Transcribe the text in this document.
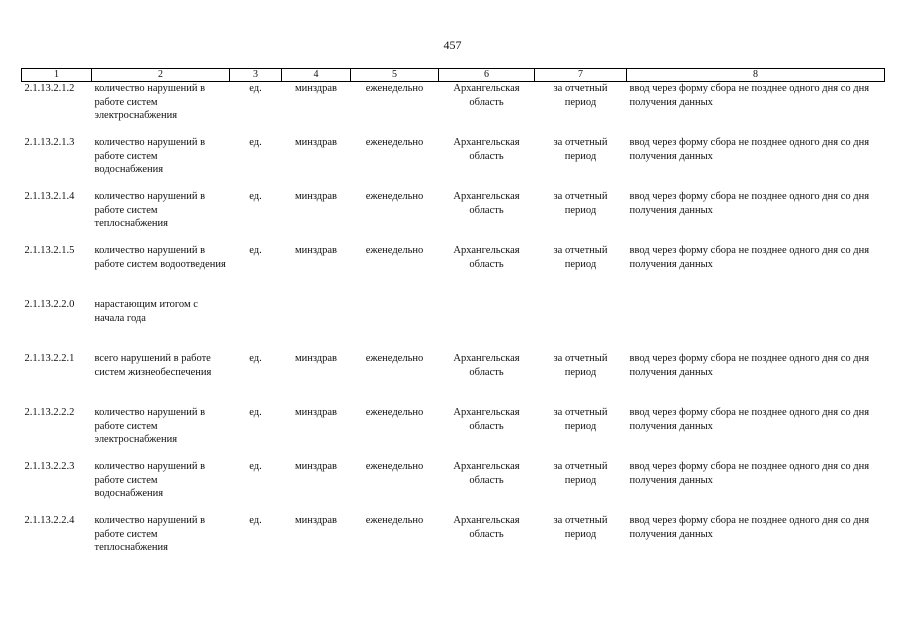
457
1	2	3	4	5	6	7	8
2.1.13.2.1.2	количество нарушений в работе систем электроснабжения	ед.	минздрав	еженедельно	Архангельская область	за отчетный период	ввод через форму сбора не позднее одного дня со дня получения данных
2.1.13.2.1.3	количество нарушений в работе систем водоснабжения	ед.	минздрав	еженедельно	Архангельская область	за отчетный период	ввод через форму сбора не позднее одного дня со дня получения данных
2.1.13.2.1.4	количество нарушений в работе систем теплоснабжения	ед.	минздрав	еженедельно	Архангельская область	за отчетный период	ввод через форму сбора не позднее одного дня со дня получения данных
2.1.13.2.1.5	количество нарушений в работе систем водоотведения	ед.	минздрав	еженедельно	Архангельская область	за отчетный период	ввод через форму сбора не позднее одного дня со дня получения данных
2.1.13.2.2.0	нарастающим итогом с начала года						
2.1.13.2.2.1	всего нарушений в работе систем жизнеобеспечения	ед.	минздрав	еженедельно	Архангельская область	за отчетный период	ввод через форму сбора не позднее одного дня со дня получения данных
2.1.13.2.2.2	количество нарушений в работе систем электроснабжения	ед.	минздрав	еженедельно	Архангельская область	за отчетный период	ввод через форму сбора не позднее одного дня со дня получения данных
2.1.13.2.2.3	количество нарушений в работе систем водоснабжения	ед.	минздрав	еженедельно	Архангельская область	за отчетный период	ввод через форму сбора не позднее одного дня со дня получения данных
2.1.13.2.2.4	количество нарушений в работе систем теплоснабжения	ед.	минздрав	еженедельно	Архангельская область	за отчетный период	ввод через форму сбора не позднее одного дня со дня получения данных
